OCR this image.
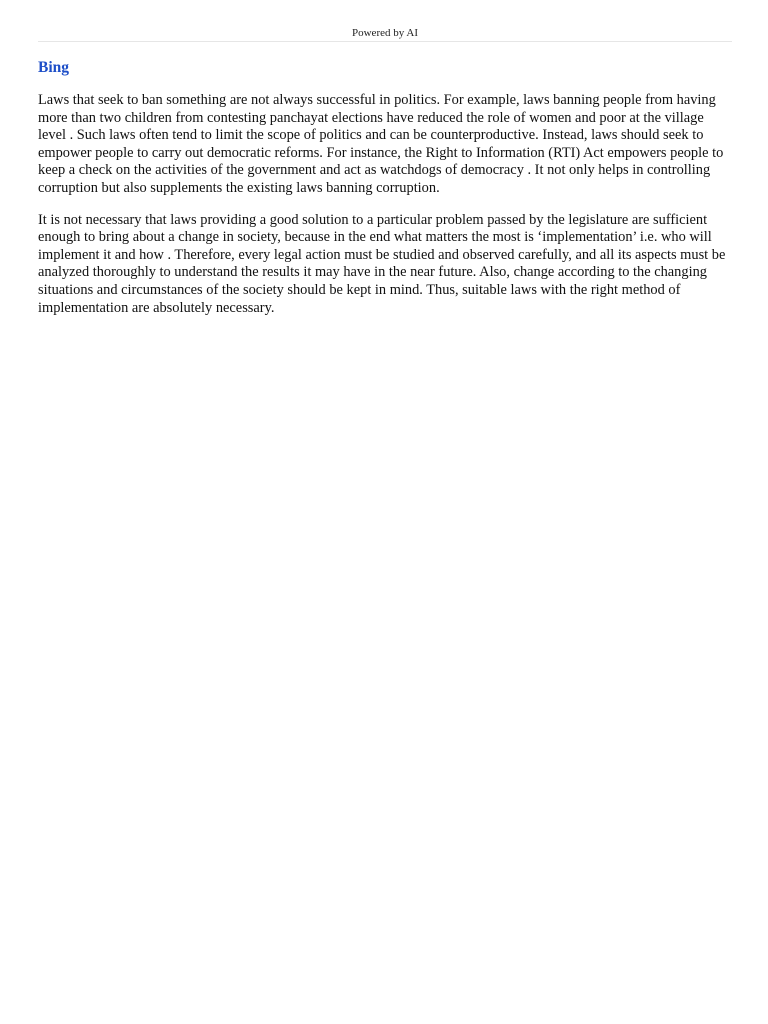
Powered by AI
Bing

Laws that seek to ban something are not always successful in politics. For example, laws banning people from having more than two children from contesting panchayat elections have reduced the role of women and poor at the village level . Such laws often tend to limit the scope of politics and can be counterproductive. Instead, laws should seek to empower people to carry out democratic reforms. For instance, the Right to Information (RTI) Act empowers people to keep a check on the activities of the government and act as watchdogs of democracy . It not only helps in controlling corruption but also supplements the existing laws banning corruption.

It is not necessary that laws providing a good solution to a particular problem passed by the legislature are sufficient enough to bring about a change in society, because in the end what matters the most is ‘implementation’ i.e. who will implement it and how . Therefore, every legal action must be studied and observed carefully, and all its aspects must be analyzed thoroughly to understand the results it may have in the near future. Also, change according to the changing situations and circumstances of the society should be kept in mind. Thus, suitable laws with the right method of implementation are absolutely necessary.
